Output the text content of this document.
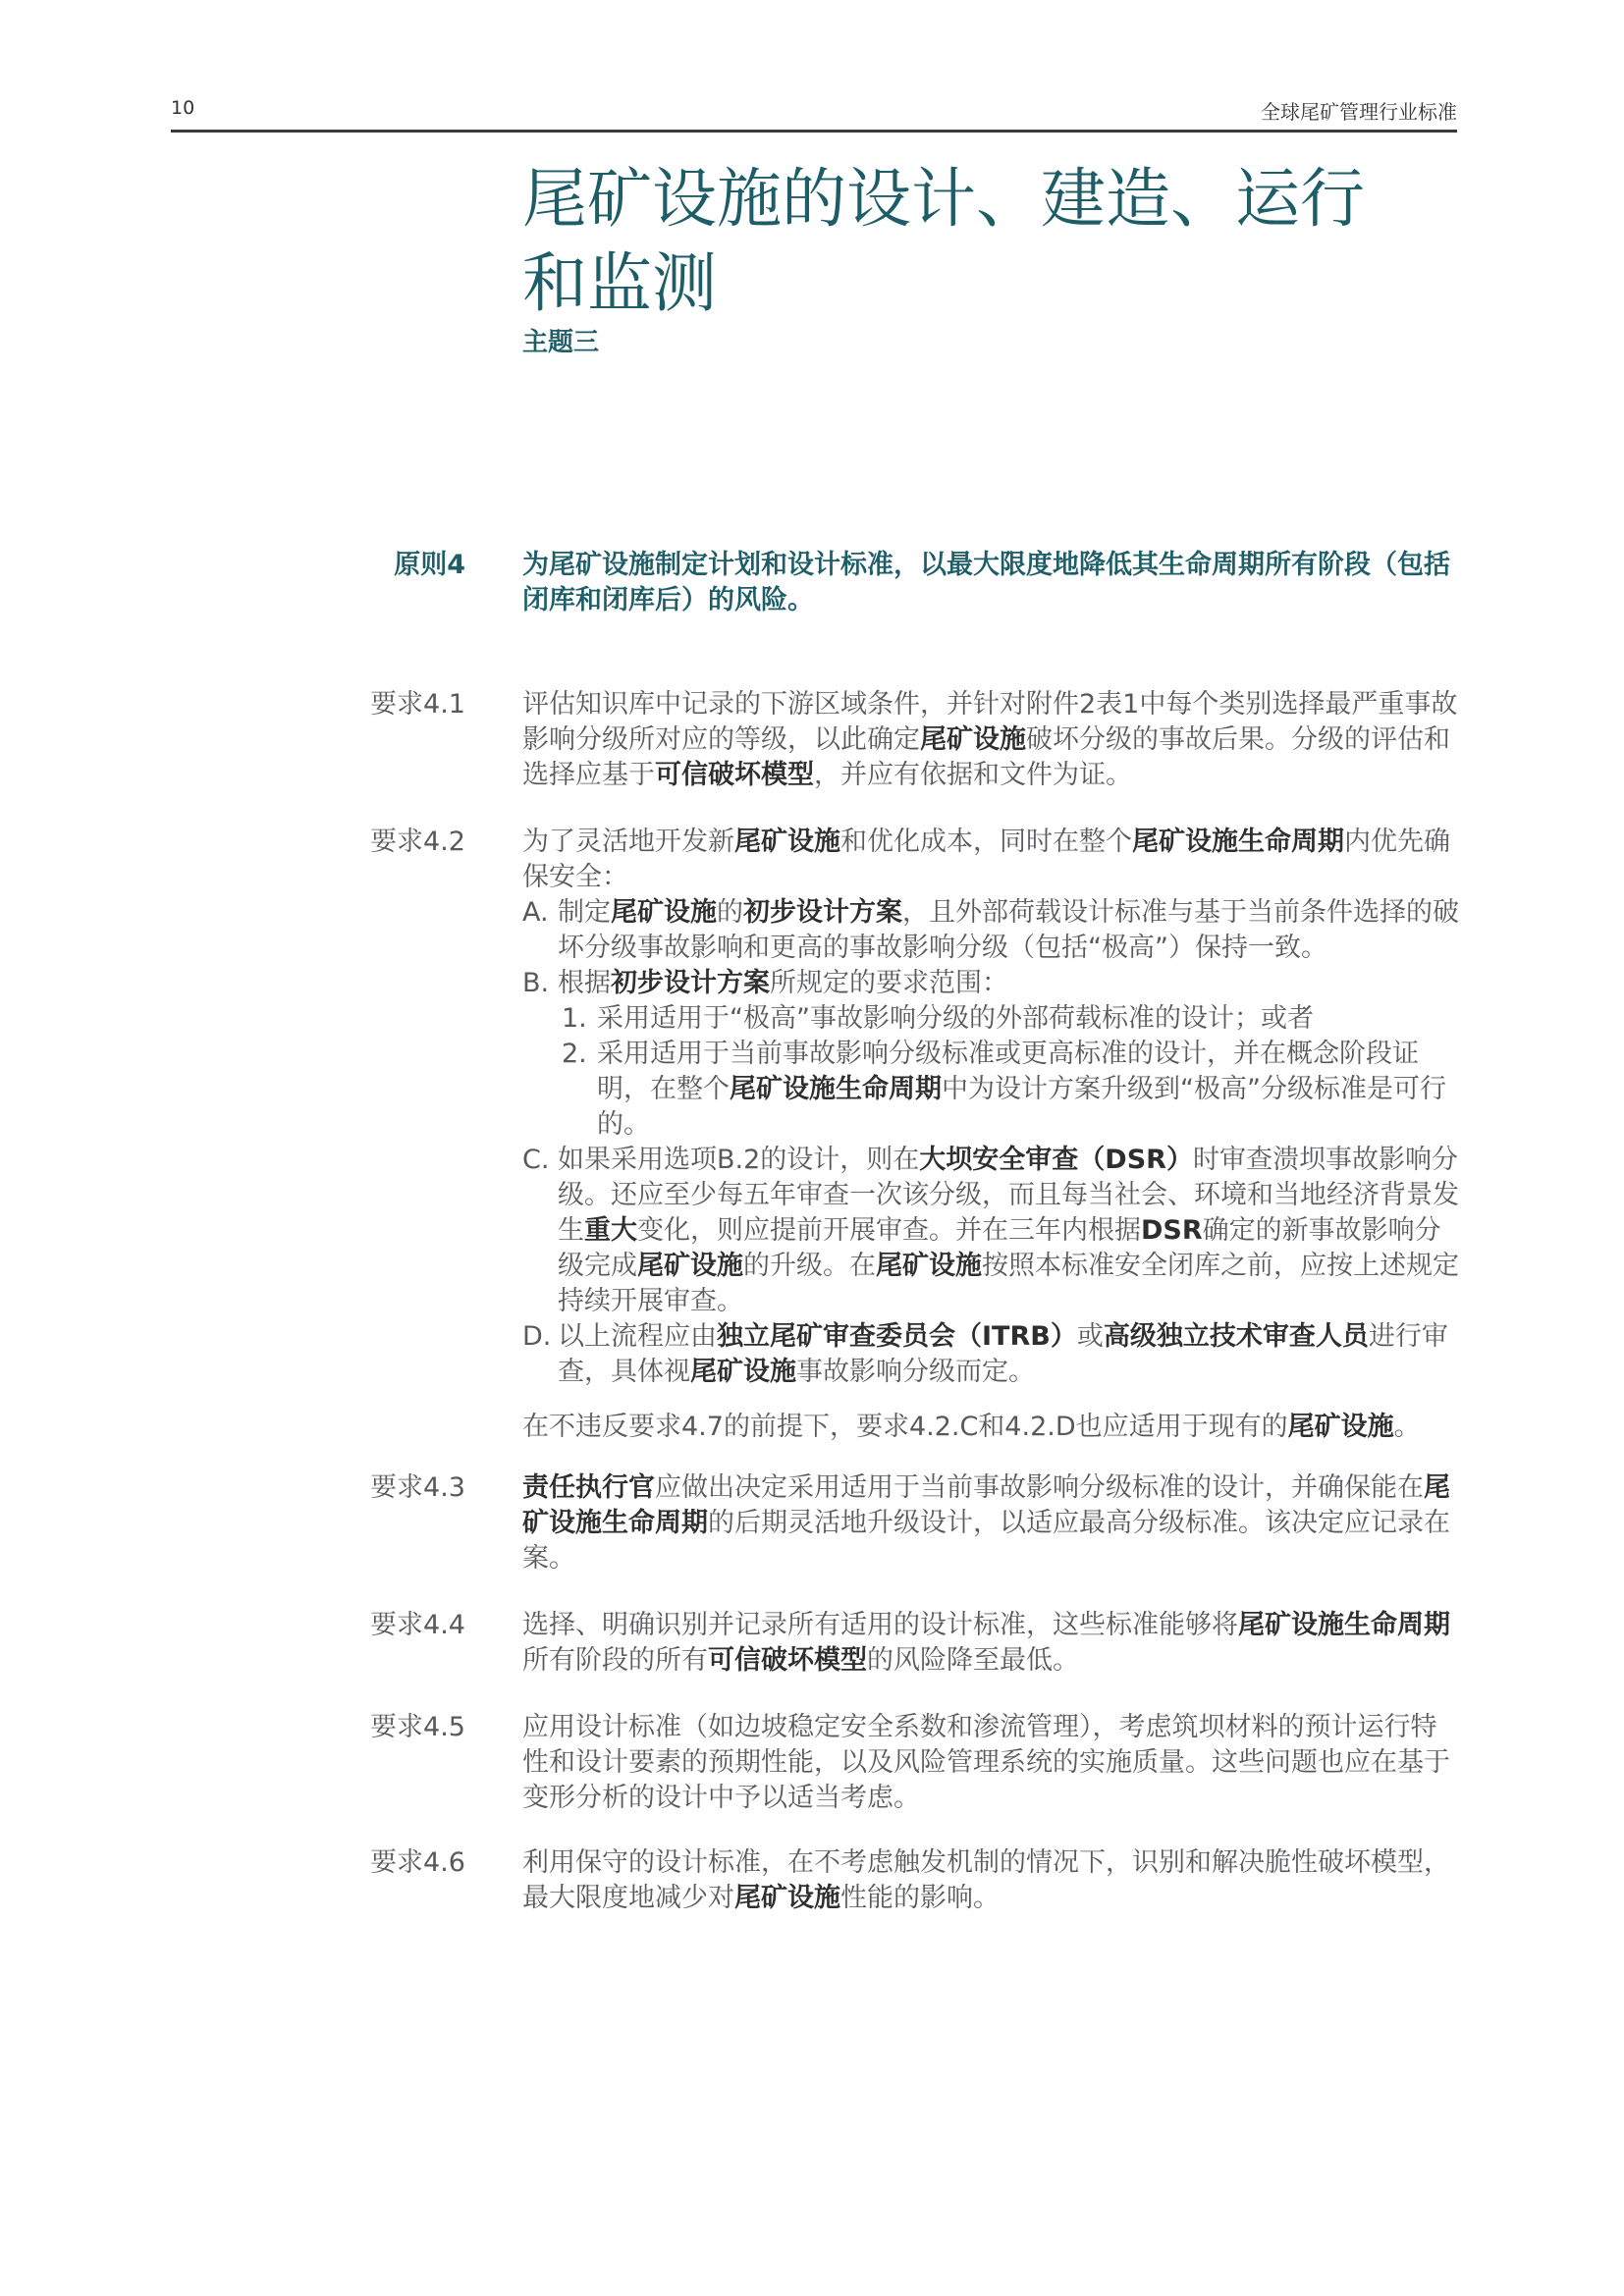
10	全球尾矿管理行业标准
尾矿设施的设计、建造、运行
和监测
主题三
原则4 为尾矿设施制定计划和设计标准，以最大限度地降低其生命周期所有阶段（包括闭库和闭库后）的风险。
要求4.1 评估知识库中记录的下游区域条件，并针对附件2表1中每个类别选择最严重事故影响分级所对应的等级，以此确定尾矿设施破坏分级的事故后果。分级的评估和选择应基于可信破坏模型，并应有依据和文件为证。
要求4.2 为了灵活地开发新尾矿设施和优化成本，同时在整个尾矿设施生命周期内优先确保安全：
A. 制定尾矿设施的初步设计方案，且外部荷载设计标准与基于当前条件选择的破坏分级事故影响和更高的事故影响分级（包括“极高”）保持一致。
B. 根据初步设计方案所规定的要求范围：
1. 采用适用于“极高”事故影响分级的外部荷载标准的设计；或者
2. 采用适用于当前事故影响分级标准或更高标准的设计，并在概念阶段证明，在整个尾矿设施生命周期中为设计方案升级到“极高”分级标准是可行的。
C. 如果采用选项B.2的设计，则在大坝安全审查（DSR）时审查溃坝事故影响分级。还应至少每五年审查一次该分级，而且每当社会、环境和当地经济背景发生重大变化，则应提前开展审查。并在三年内根据DSR确定的新事故影响分级完成尾矿设施的升级。在尾矿设施按照本标准安全闭库之前，应按上述规定持续开展审查。
D. 以上流程应由独立尾矿审查委员会（ITRB）或高级独立技术审查人员进行审查，具体视尾矿设施事故影响分级而定。
在不违反要求4.7的前提下，要求4.2.C和4.2.D也应适用于现有的尾矿设施。
要求4.3 责任执行官应做出决定采用适用于当前事故影响分级标准的设计，并确保能在尾矿设施生命周期的后期灵活地升级设计，以适应最高分级标准。该决定应记录在案。
要求4.4 选择、明确识别并记录所有适用的设计标准，这些标准能够将尾矿设施生命周期所有阶段的所有可信破坏模型的风险降至最低。
要求4.5 应用设计标准（如边坡稳定安全系数和渗流管理），考虑筑坝材料的预计运行特性和设计要素的预期性能，以及风险管理系统的实施质量。这些问题也应在基于变形分析的设计中予以适当考虑。
要求4.6 利用保守的设计标准，在不考虑触发机制的情况下，识别和解决脆性破坏模型，最大限度地减少对尾矿设施性能的影响。
